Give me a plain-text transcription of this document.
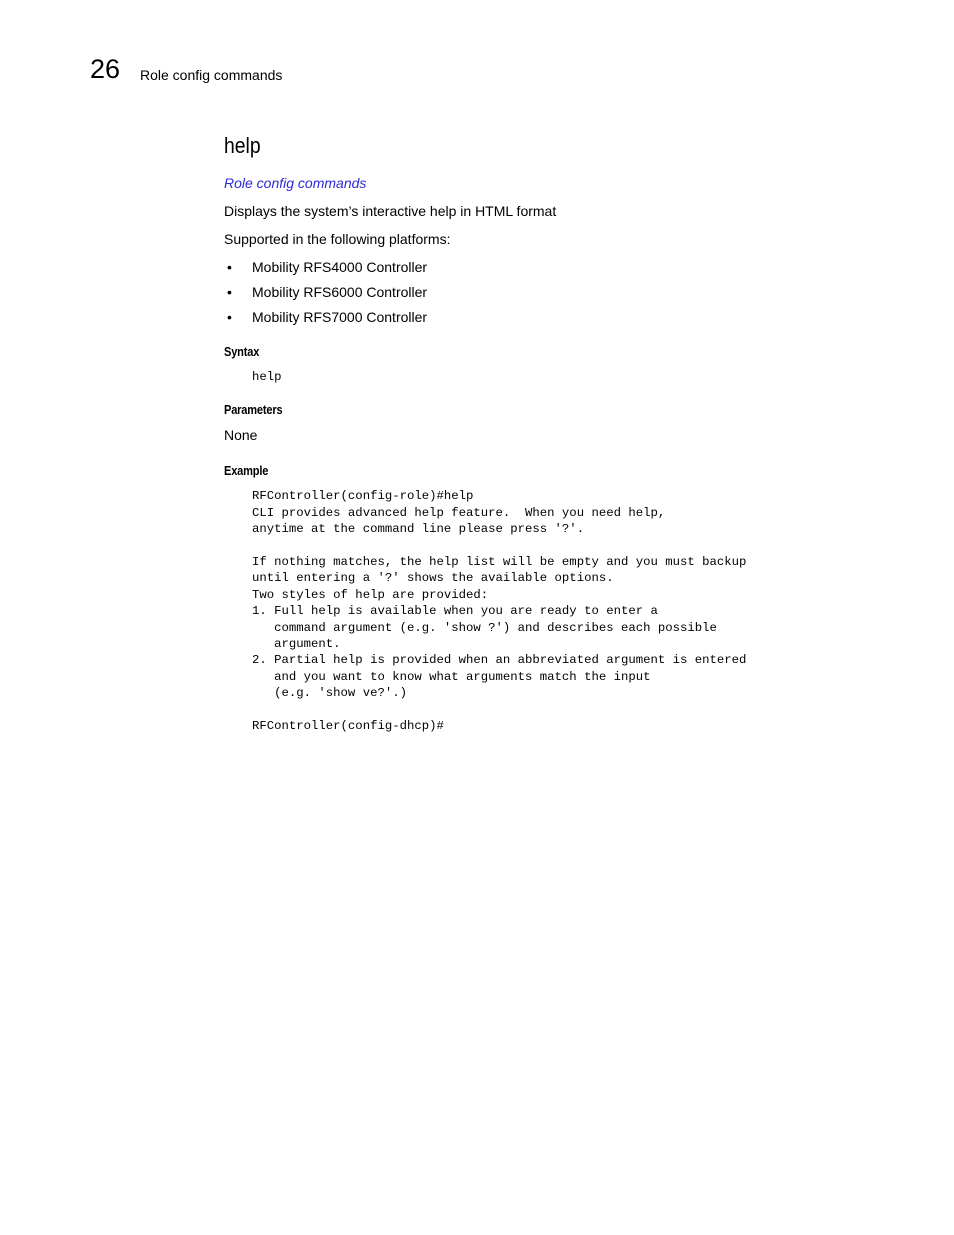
26 Role config commands
help
Role config commands

Displays the system’s interactive help in HTML format

Supported in the following platforms:

• Mobility RFS4000 Controller
• Mobility RFS6000 Controller
• Mobility RFS7000 Controller
Syntax
help
Parameters

None

Example
RFController(config-role)#help
CLI provides advanced help feature.  When you need help,
anytime at the command line please press '?'.

If nothing matches, the help list will be empty and you must backup
until entering a '?' shows the available options.
Two styles of help are provided:
1. Full help is available when you are ready to enter a
command argument (e.g. 'show ?') and describes each possible
argument.
2. Partial help is provided when an abbreviated argument is entered
and you want to know what arguments match the input
(e.g. 'show ve?'.)

RFController(config-dhcp)#
